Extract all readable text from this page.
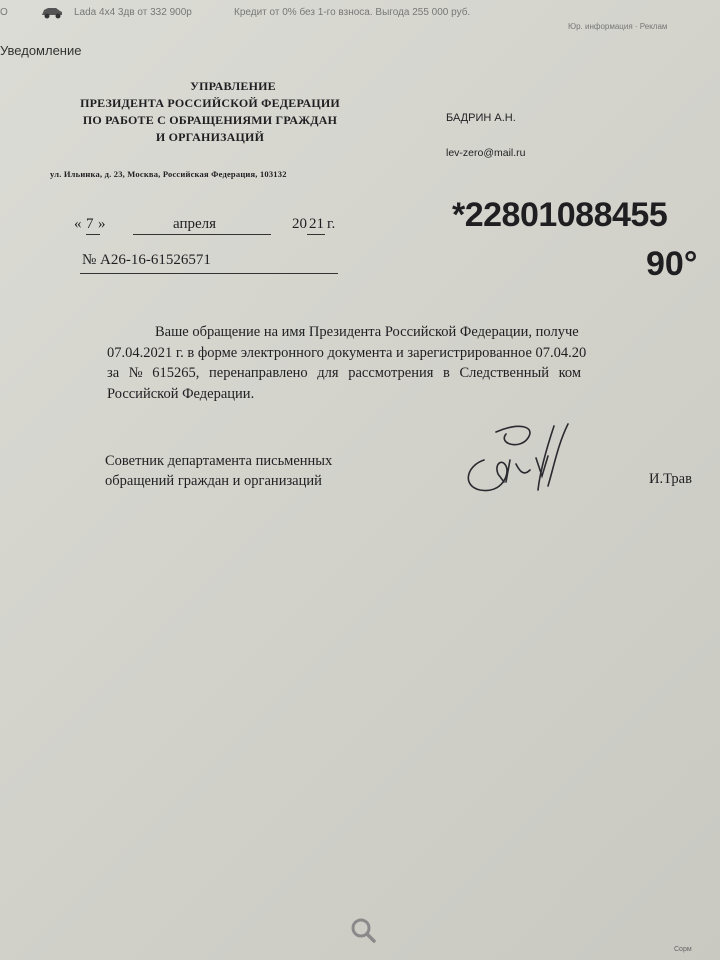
О	Lada 4x4 3дв от 332 900р	Кредит от 0% без 1-го взноса. Выгода 255 000 руб.
Юр. информация · Реклам
Уведомление
УПРАВЛЕНИЕ
ПРЕЗИДЕНТА РОССИЙСКОЙ ФЕДЕРАЦИИ
ПО РАБОТЕ С ОБРАЩЕНИЯМИ ГРАЖДАН
И ОРГАНИЗАЦИЙ
ул. Ильинка, д. 23, Москва, Российская Федерация, 103132
БАДРИН А.Н.
lev-zero@mail.ru
*22801088455
90°
« 7 »	апреля	20 21 г.
№ А26-16-61526571
Ваше обращение на имя Президента Российской Федерации, получе
07.04.2021 г. в форме электронного документа и зарегистрированное 07.04.20
за № 615265, перенаправлено для рассмотрения в Следственный ком
Российской Федерации.
Советник департамента письменных
обращений граждан и организаций	И.Трав
Сорм
